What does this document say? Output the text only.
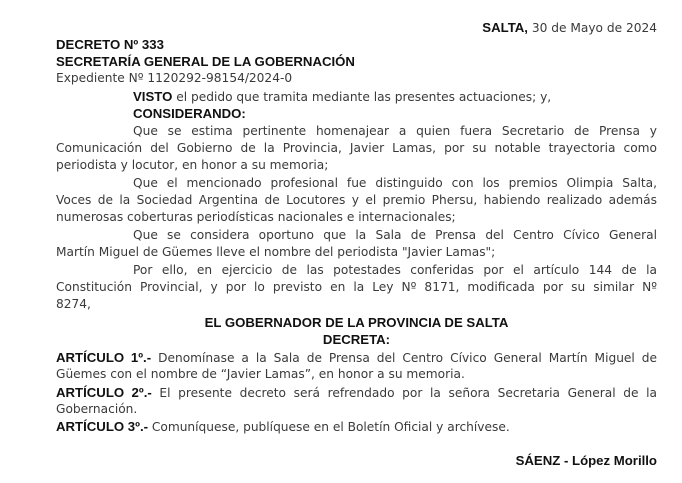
SALTA, 30 de Mayo de 2024
DECRETO Nº 333
SECRETARÍA GENERAL DE LA GOBERNACIÓN
Expediente Nº 1120292-98154/2024-0
VISTO el pedido que tramita mediante las presentes actuaciones; y,
CONSIDERANDO:
Que se estima pertinente homenajear a quien fuera Secretario de Prensa y
Comunicación del Gobierno de la Provincia, Javier Lamas, por su notable trayectoria como
periodista y locutor, en honor a su memoria;
Que el mencionado profesional fue distinguido con los premios Olimpia Salta,
Voces de la Sociedad Argentina de Locutores y el premio Phersu, habiendo realizado además
numerosas coberturas periodísticas nacionales e internacionales;
Que se considera oportuno que la Sala de Prensa del Centro Cívico General
Martín Miguel de Güemes lleve el nombre del periodista "Javier Lamas";
Por ello, en ejercicio de las potestades conferidas por el artículo 144 de la
Constitución Provincial, y por lo previsto en la Ley Nº 8171, modificada por su similar Nº
8274,
EL GOBERNADOR DE LA PROVINCIA DE SALTA
DECRETA:
ARTÍCULO 1º.- Denomínase a la Sala de Prensa del Centro Cívico General Martín Miguel de
Güemes con el nombre de “Javier Lamas”, en honor a su memoria.
ARTÍCULO 2º.- El presente decreto será refrendado por la señora Secretaria General de la
Gobernación.
ARTÍCULO 3º.- Comuníquese, publíquese en el Boletín Oficial y archívese.
SÁENZ - López Morillo
